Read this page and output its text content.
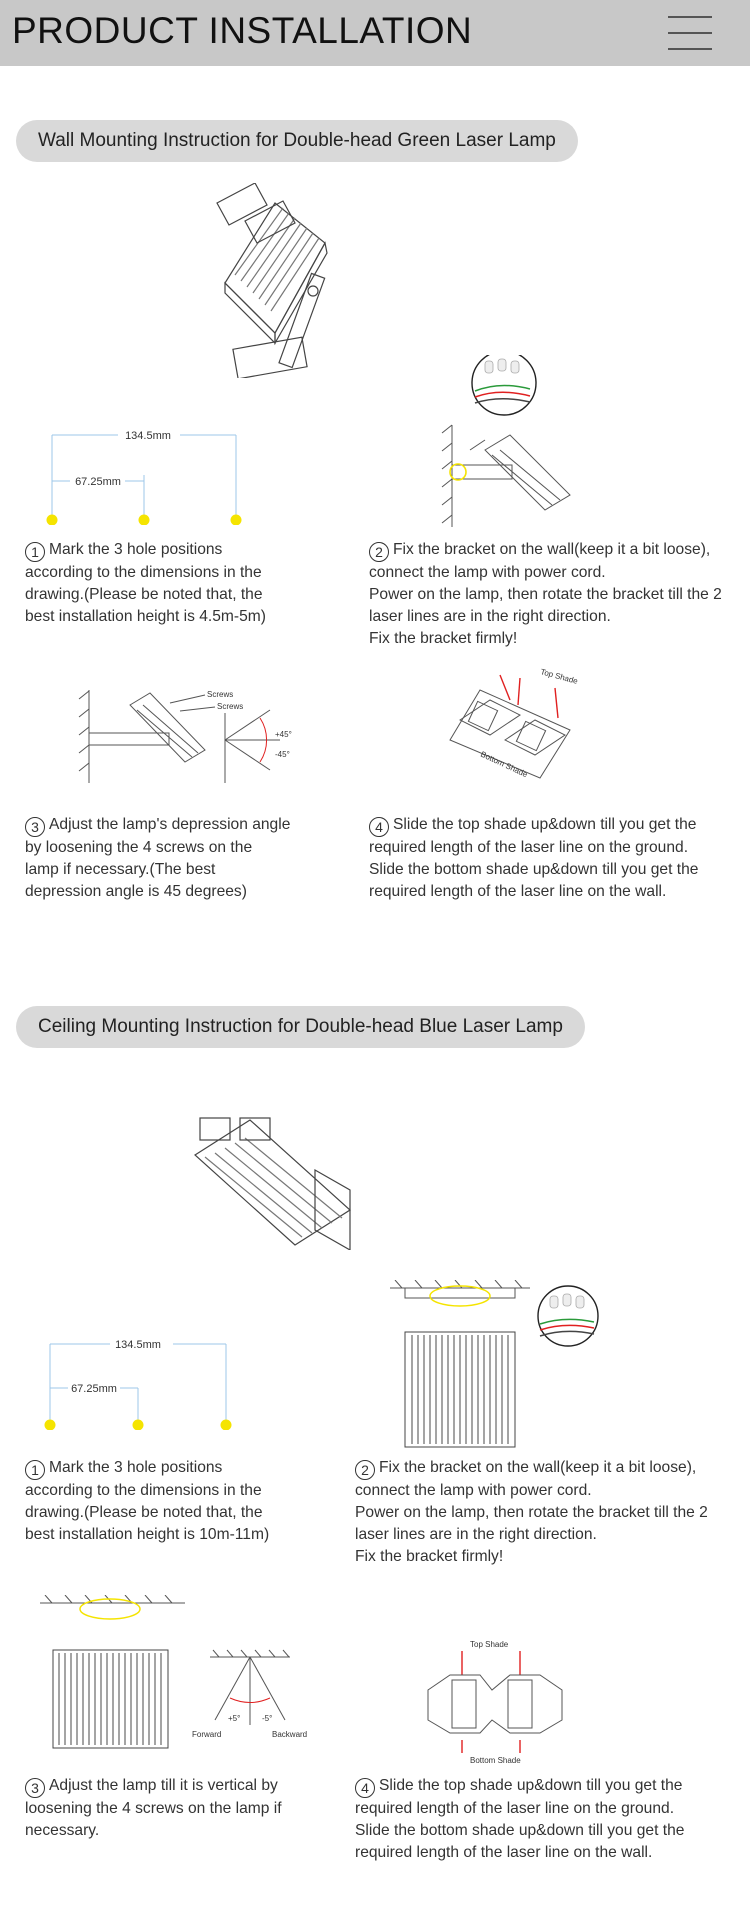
PRODUCT INSTALLATION
Wall Mounting Instruction for Double-head Green Laser Lamp
134.5mm
67.25mm

1 Mark the 3 hole positions

according to the dimensions in the

drawing.(Please be noted that, the

best installation height is 4.5m-5m)

2 Fix the bracket on the wall(keep it a bit loose),

connect the lamp with power cord.

Power on the lamp, then rotate the bracket till the 2

laser lines are in the right direction.

Fix the bracket firmly!

Screws
Screws
+45°
-45°
Top Shade
Bottom Shade

3 Adjust the lamp's depression angle

by loosening the 4 screws on the

lamp if necessary.(The best

depression angle is 45 degrees)

4 Slide the top shade up&down till you get the

required length of the laser line on the ground.

Slide the bottom shade up&down till you get the

required length of the laser line on the wall.

Ceiling Mounting Instruction for Double-head Blue Laser Lamp
134.5mm
67.25mm

1 Mark the 3 hole positions

according to the dimensions in the

drawing.(Please be noted that, the

best installation height is 10m-11m)

2 Fix the bracket on the wall(keep it a bit loose),

connect the lamp with power cord.

Power on the lamp, then rotate the bracket till the 2

laser lines are in the right direction.

Fix the bracket firmly!

+5°	-5°
Forward	Backward
Top Shade
Bottom Shade

3 Adjust the lamp till it is vertical by

loosening the 4 screws on the lamp if

necessary.

4 Slide the top shade up&down till you get the

required length of the laser line on the ground.

Slide the bottom shade up&down till you get the

required length of the laser line on the wall.
